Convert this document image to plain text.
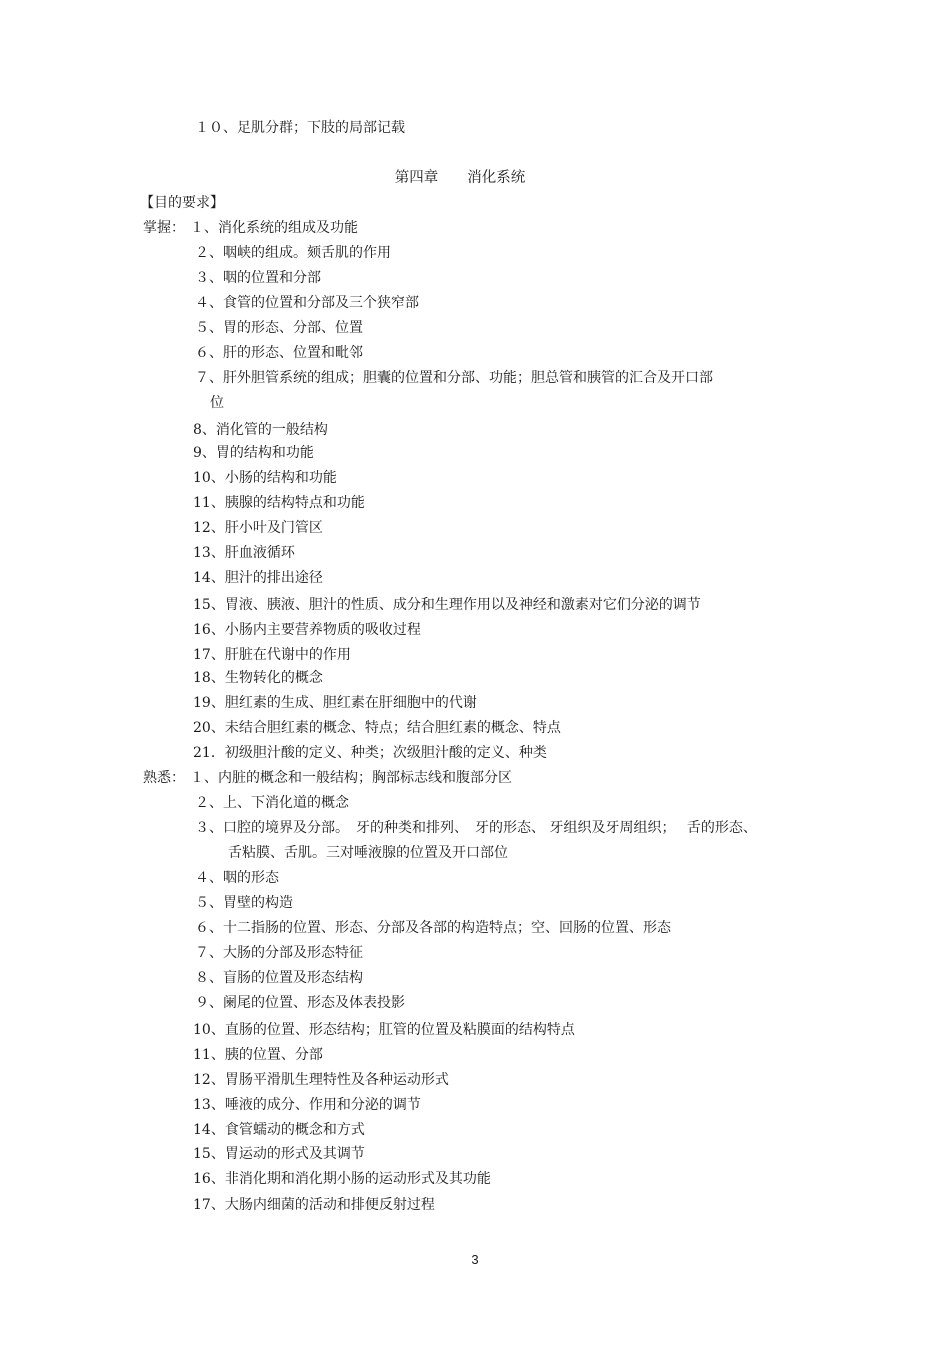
１０、足肌分群；下肢的局部记载
第四章　　消化系统
【目的要求】
掌握： １、消化系统的组成及功能
２、咽峡的组成。颏舌肌的作用
３、咽的位置和分部
４、食管的位置和分部及三个狭窄部
５、胃的形态、分部、位置
６、肝的形态、位置和毗邻
７、肝外胆管系统的组成；胆囊的位置和分部、功能；胆总管和胰管的汇合及开口部
位
8、消化管的一般结构
9、胃的结构和功能
10、小肠的结构和功能
11、胰腺的结构特点和功能
12、肝小叶及门管区
13、肝血液循环
14、胆汁的排出途径
15、胃液、胰液、胆汁的性质、成分和生理作用以及神经和激素对它们分泌的调节
16、小肠内主要营养物质的吸收过程
17、肝脏在代谢中的作用
18、生物转化的概念
19、胆红素的生成、胆红素在肝细胞中的代谢
20、未结合胆红素的概念、特点；结合胆红素的概念、特点
21．初级胆汁酸的定义、种类；次级胆汁酸的定义、种类
熟悉： １、内脏的概念和一般结构；胸部标志线和腹部分区
２、上、下消化道的概念
３、口腔的境界及分部。　牙的种类和排列、　牙的形态、 牙组织及牙周组织；　 舌的形态、
舌粘膜、舌肌。三对唾液腺的位置及开口部位
４、咽的形态
５、胃壁的构造
６、十二指肠的位置、形态、分部及各部的构造特点；空、回肠的位置、形态
７、大肠的分部及形态特征
８、盲肠的位置及形态结构
９、阑尾的位置、形态及体表投影
10、直肠的位置、形态结构；肛管的位置及粘膜面的结构特点
11、胰的位置、分部
12、胃肠平滑肌生理特性及各种运动形式
13、唾液的成分、作用和分泌的调节
14、食管蠕动的概念和方式
15、胃运动的形式及其调节
16、非消化期和消化期小肠的运动形式及其功能
17、大肠内细菌的活动和排便反射过程
3
